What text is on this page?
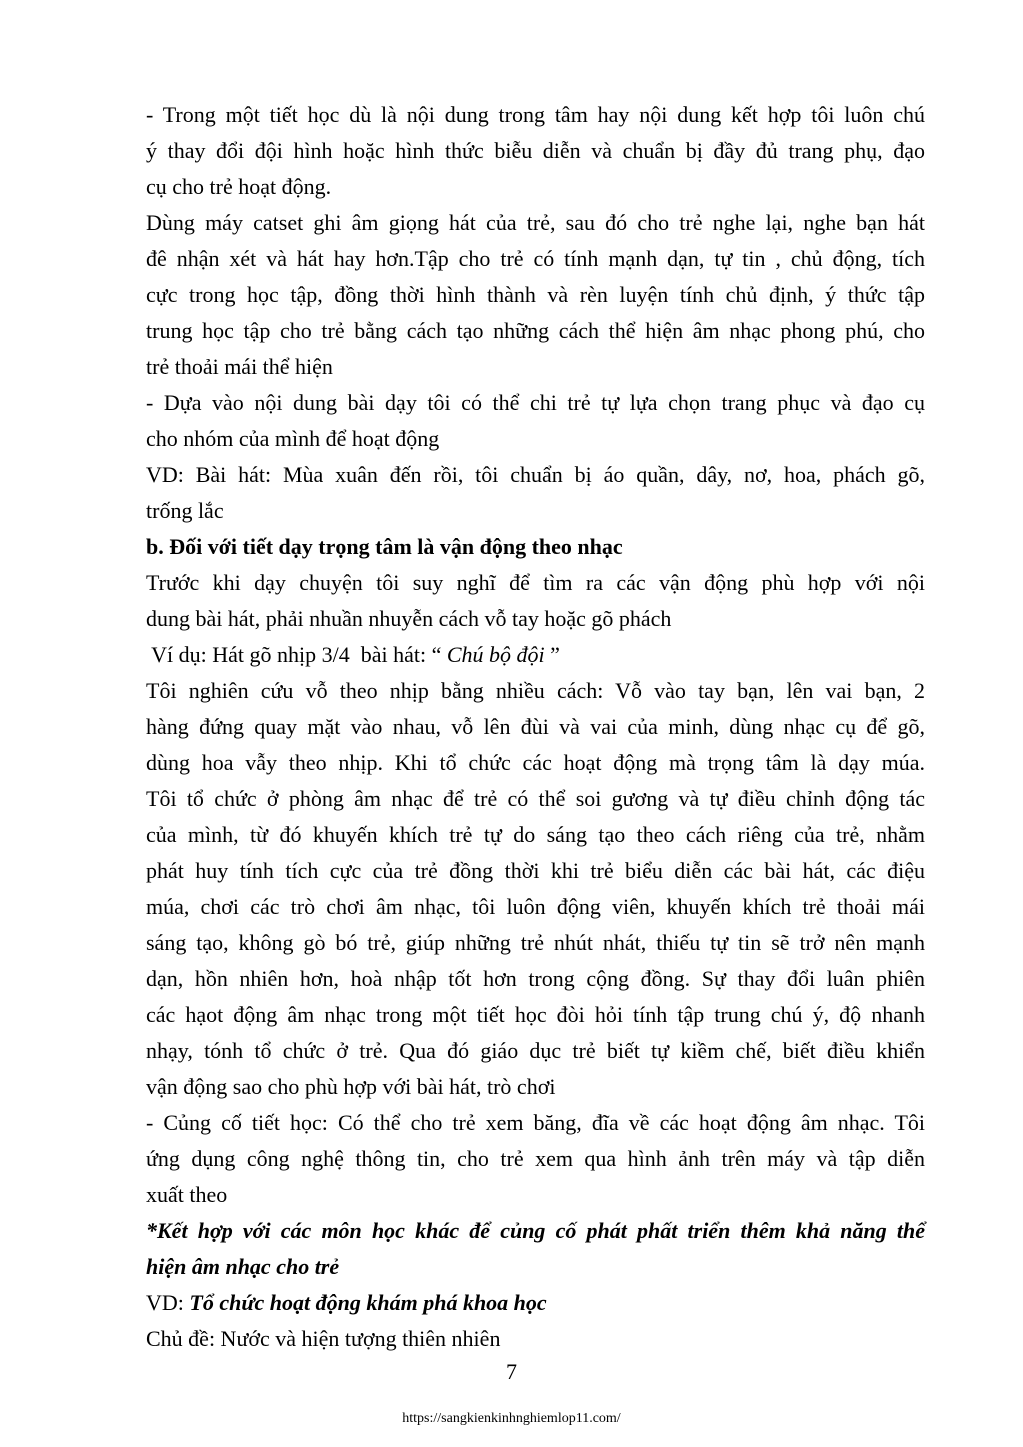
- Trong một tiết học dù là nội dung trong tâm hay nội dung kết hợp tôi luôn chú
ý thay đổi đội hình hoặc hình thức biễu diễn và chuẩn bị đầy đủ trang phụ, đạo
cụ cho trẻ hoạt động.
Dùng máy catset ghi âm giọng hát của trẻ, sau đó cho trẻ nghe lại, nghe bạn hát
đê nhận xét và hát hay hơn.Tập cho trẻ có tính mạnh dạn, tự tin , chủ động, tích
cực trong học tập, đồng thời hình thành và rèn luyện tính chủ định, ý thức tập
trung học tập cho trẻ bằng cách tạo những cách thể hiện âm nhạc phong phú, cho
trẻ thoải mái thể hiện
- Dựa vào nội dung bài dạy tôi có thể chi trẻ tự lựa chọn trang phục và đạo cụ
cho nhóm của mình để hoạt động
VD: Bài hát: Mùa xuân đến rồi, tôi chuẩn bị áo quần, dây, nơ, hoa, phách gõ,
trống lắc
b. Đối với tiết dạy trọng tâm là vận động theo nhạc
Trước khi dạy chuyện tôi suy nghĩ để tìm ra các vận động phù hợp với nội
dung bài hát, phải nhuần nhuyễn cách vỗ tay hoặc gõ phách
Ví dụ: Hát gõ nhịp 3/4  bài hát: “ Chú bộ đội ”
Tôi nghiên cứu vỗ theo nhịp bằng nhiều cách: Vỗ vào tay bạn, lên vai bạn, 2
hàng đứng quay mặt vào nhau, vỗ lên đùi và vai của minh, dùng nhạc cụ để gõ,
dùng hoa vẫy theo nhịp. Khi tổ chức các hoạt động mà trọng tâm là dạy múa.
Tôi tổ chức ở phòng âm nhạc để trẻ có thể soi gương và tự điều chỉnh động tác
của mình, từ đó khuyến khích trẻ tự do sáng tạo theo cách riêng của trẻ, nhằm
phát huy tính tích cực của trẻ đồng thời khi trẻ biểu diễn các bài hát, các điệu
múa, chơi các trò chơi âm nhạc, tôi luôn động viên, khuyến khích trẻ thoải mái
sáng tạo, không gò bó trẻ, giúp những trẻ nhút nhát, thiếu tự tin sẽ trở nên mạnh
dạn, hồn nhiên hơn, hoà nhập tốt hơn trong cộng đồng. Sự thay đổi luân phiên
các hạot động âm nhạc trong một tiết học đòi hỏi tính tập trung chú ý, độ nhanh
nhạy, tónh tổ chức ở trẻ. Qua đó giáo dục trẻ biết tự kiềm chế, biết điều khiển
vận động sao cho phù hợp với bài hát, trò chơi
- Củng cố tiết học: Có thể cho trẻ xem băng, đĩa về các hoạt động âm nhạc. Tôi
ứng dụng công nghệ thông tin, cho trẻ xem qua hình ảnh trên máy và tập diễn
xuất theo
*Kết hợp với các môn học khác để củng cố phát phất triển thêm khả năng thể
hiện âm nhạc cho trẻ
VD: Tổ chức hoạt động khám phá khoa học
Chủ đề: Nước và hiện tượng thiên nhiên
7
https://sangkienkinhnghiemlop11.com/
